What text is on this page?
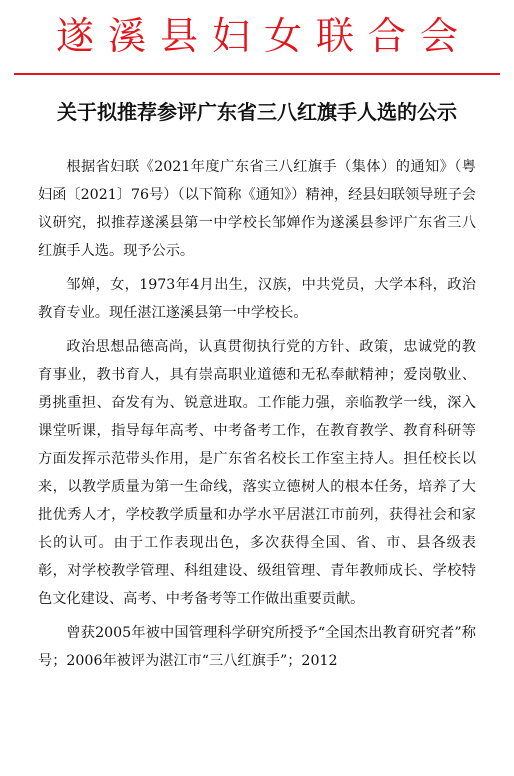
遂溪县妇女联合会
关于拟推荐参评广东省三八红旗手人选的公示

根据省妇联《2021年度广东省三八红旗手（集体）的通知》（粤妇函〔2021〕76号）（以下简称《通知》）精神，经县妇联领导班子会议研究，拟推荐遂溪县第一中学校长邹婵作为遂溪县参评广东省三八红旗手人选。现予公示。

邹婵，女，1973年4月出生，汉族，中共党员，大学本科，政治教育专业。现任湛江遂溪县第一中学校长。

政治思想品德高尚，认真贯彻执行党的方针、政策，忠诚党的教育事业，教书育人，具有崇高职业道德和无私奉献精神；爱岗敬业、勇挑重担、奋发有为、锐意进取。工作能力强，亲临教学一线，深入课堂听课，指导每年高考、中考备考工作，在教育教学、教育科研等方面发挥示范带头作用，是广东省名校长工作室主持人。担任校长以来，以教学质量为第一生命线，落实立德树人的根本任务，培养了大批优秀人才，学校教学质量和办学水平居湛江市前列，获得社会和家长的认可。由于工作表现出色，多次获得全国、省、市、县各级表彰，对学校教学管理、科组建设、级组管理、青年教师成长、学校特色文化建设、高考、中考备考等工作做出重要贡献。

曾获2005年被中国管理科学研究所授予“全国杰出教育研究者”称号；2006年被评为湛江市“三八红旗手”；2012
